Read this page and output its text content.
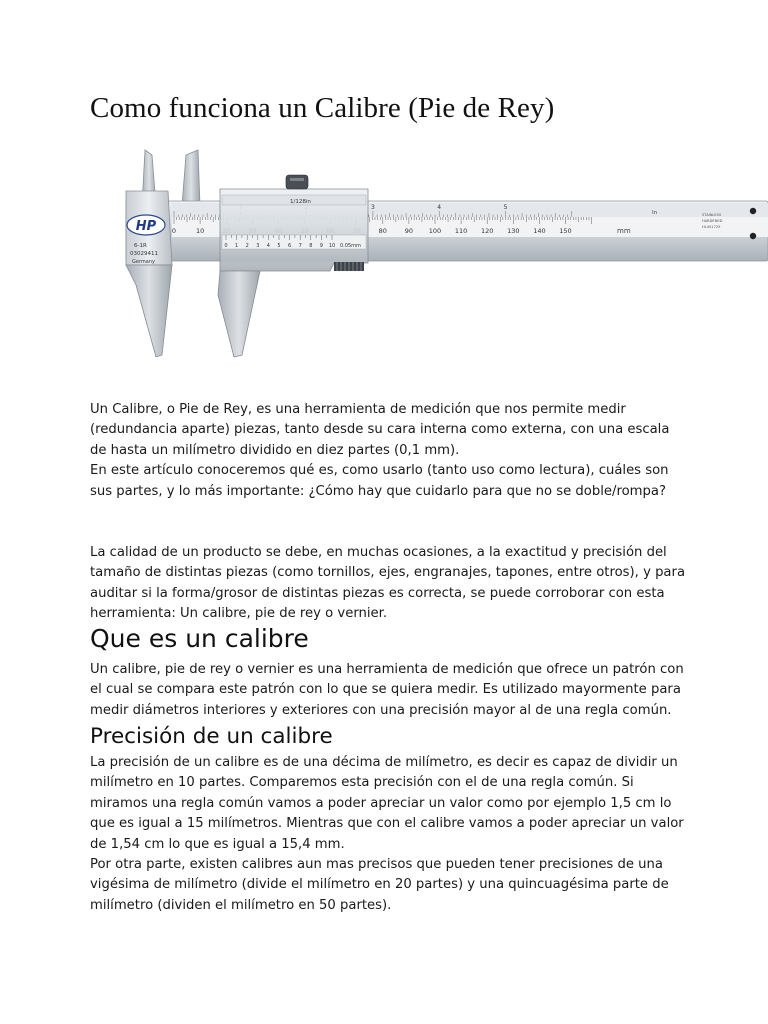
Como funciona un Calibre (Pie de Rey)
HP
6-1R
03029411
Germany
0	10	80	90 100 110 120 130 140 150
3	4	5
mm
In	STAINLESS
HARDENED
HL401729
1/128in
0 1 2 3 4 5 6 7 8 9 10 0.05mm

Un Calibre, o Pie de Rey, es una herramienta de medición que nos permite medir (redundancia aparte) piezas, tanto desde su cara interna como externa, con una escala de hasta un milímetro dividido en diez partes (0,1 mm).

En este artículo conoceremos qué es, como usarlo (tanto uso como lectura), cuáles son sus partes, y lo más importante: ¿Cómo hay que cuidarlo para que no se doble/rompa?

La calidad de un producto se debe, en muchas ocasiones, a la exactitud y precisión del tamaño de distintas piezas (como tornillos, ejes, engranajes, tapones, entre otros), y para auditar si la forma/grosor de distintas piezas es correcta, se puede corroborar con esta herramienta: Un calibre, pie de rey o vernier.

Que es un calibre

Un calibre, pie de rey o vernier es una herramienta de medición que ofrece un patrón con el cual se compara este patrón con lo que se quiera medir. Es utilizado mayormente para medir diámetros interiores y exteriores con una precisión mayor al de una regla común.

Precisión de un calibre

La precisión de un calibre es de una décima de milímetro, es decir es capaz de dividir un milímetro en 10 partes. Comparemos esta precisión con el de una regla común. Si miramos una regla común vamos a poder apreciar un valor como por ejemplo 1,5 cm lo que es igual a 15 milímetros. Mientras que con el calibre vamos a poder apreciar un valor de 1,54 cm lo que es igual a 15,4 mm.

Por otra parte, existen calibres aun mas precisos que pueden tener precisiones de una vigésima de milímetro (divide el milímetro en 20 partes) y una quincuagésima parte de milímetro (dividen el milímetro en 50 partes).
